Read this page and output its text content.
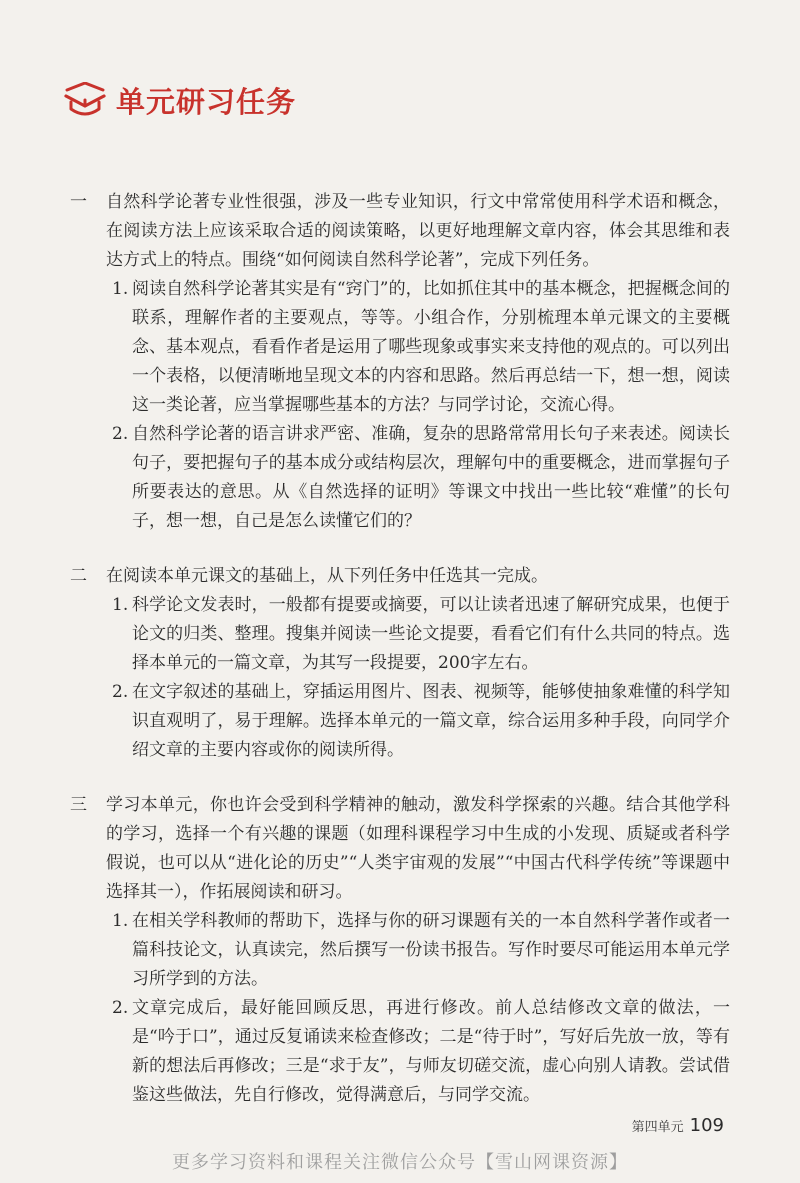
单元研习任务
一	自然科学论著专业性很强，涉及一些专业知识，行文中常常使用科学术语和概念，在阅读方法上应该采取合适的阅读策略，以更好地理解文章内容，体会其思维和表达方式上的特点。围绕“如何阅读自然科学论著”，完成下列任务。
1. 阅读自然科学论著其实是有“窍门”的，比如抓住其中的基本概念，把握概念间的联系，理解作者的主要观点，等等。小组合作，分别梳理本单元课文的主要概念、基本观点，看看作者是运用了哪些现象或事实来支持他的观点的。可以列出一个表格，以便清晰地呈现文本的内容和思路。然后再总结一下，想一想，阅读这一类论著，应当掌握哪些基本的方法？与同学讨论，交流心得。
2. 自然科学论著的语言讲求严密、准确，复杂的思路常常用长句子来表述。阅读长句子，要把握句子的基本成分或结构层次，理解句中的重要概念，进而掌握句子所要表达的意思。从《自然选择的证明》等课文中找出一些比较“难懂”的长句子，想一想，自己是怎么读懂它们的？
二	在阅读本单元课文的基础上，从下列任务中任选其一完成。
1. 科学论文发表时，一般都有提要或摘要，可以让读者迅速了解研究成果，也便于论文的归类、整理。搜集并阅读一些论文提要，看看它们有什么共同的特点。选择本单元的一篇文章，为其写一段提要，200字左右。
2. 在文字叙述的基础上，穿插运用图片、图表、视频等，能够使抽象难懂的科学知识直观明了，易于理解。选择本单元的一篇文章，综合运用多种手段，向同学介绍文章的主要内容或你的阅读所得。
三	学习本单元，你也许会受到科学精神的触动，激发科学探索的兴趣。结合其他学科的学习，选择一个有兴趣的课题（如理科课程学习中生成的小发现、质疑或者科学假说，也可以从“进化论的历史”“人类宇宙观的发展”“中国古代科学传统”等课题中选择其一），作拓展阅读和研习。
1. 在相关学科教师的帮助下，选择与你的研习课题有关的一本自然科学著作或者一篇科技论文，认真读完，然后撰写一份读书报告。写作时要尽可能运用本单元学习所学到的方法。
2. 文章完成后，最好能回顾反思，再进行修改。前人总结修改文章的做法，一是“吟于口”，通过反复诵读来检查修改；二是“待于时”，写好后先放一放，等有新的想法后再修改；三是“求于友”，与师友切磋交流，虚心向别人请教。尝试借鉴这些做法，先自行修改，觉得满意后，与同学交流。
第四单元 109
更多学习资料和课程关注微信公众号【雪山网课资源】
